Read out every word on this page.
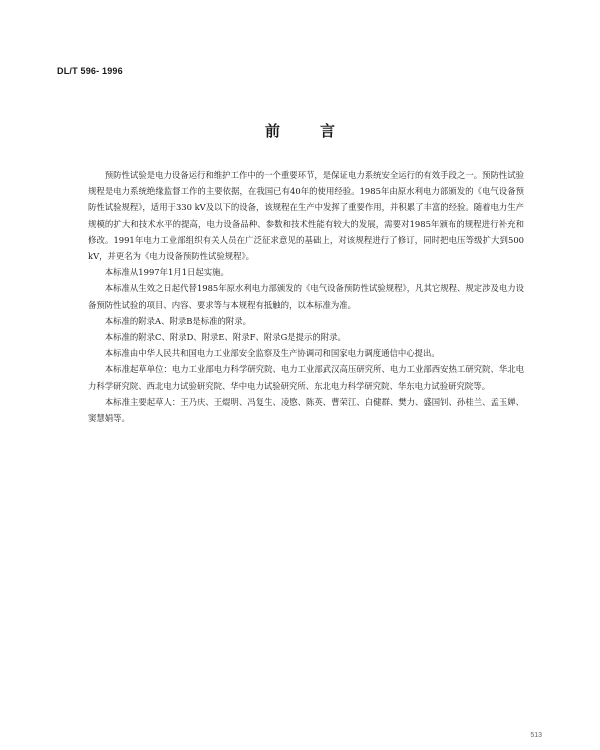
DL/T 596- 1996
前言

预防性试验是电力设备运行和维护工作中的一个重要环节，是保证电力系统安全运行的有效手段之一。预防性试验规程是电力系统绝缘监督工作的主要依据，在我国已有40年的使用经验。1985年由原水利电力部颁发的《电气设备预防性试验规程》，适用于330 kV及以下的设备，该规程在生产中发挥了重要作用，并积累了丰富的经验。随着电力生产规模的扩大和技术水平的提高，电力设备品种、参数和技术性能有较大的发展，需要对1985年颁布的规程进行补充和修改。1991年电力工业部组织有关人员在广泛征求意见的基础上，对该规程进行了修订，同时把电压等级扩大到500 kV，并更名为《电力设备预防性试验规程》。

本标准从1997年1月1日起实施。

本标准从生效之日起代替1985年原水利电力部颁发的《电气设备预防性试验规程》，凡其它规程、规定涉及电力设备预防性试验的项目、内容、要求等与本规程有抵触的，以本标准为准。

本标准的附录A、附录B是标准的附录。

本标准的附录C、附录D、附录E、附录F、附录G是提示的附录。

本标准由中华人民共和国电力工业部安全监察及生产协调司和国家电力调度通信中心提出。

本标准起草单位：电力工业部电力科学研究院、电力工业部武汉高压研究所、电力工业部西安热工研究院、华北电力科学研究院、西北电力试验研究院、华中电力试验研究所、东北电力科学研究院、华东电力试验研究院等。

本标准主要起草人：王乃庆、王焜明、冯复生、凌愍、陈英、曹荣江、白健群、樊力、盛国钊、孙桂兰、孟玉婵、窦慧娟等。

513
